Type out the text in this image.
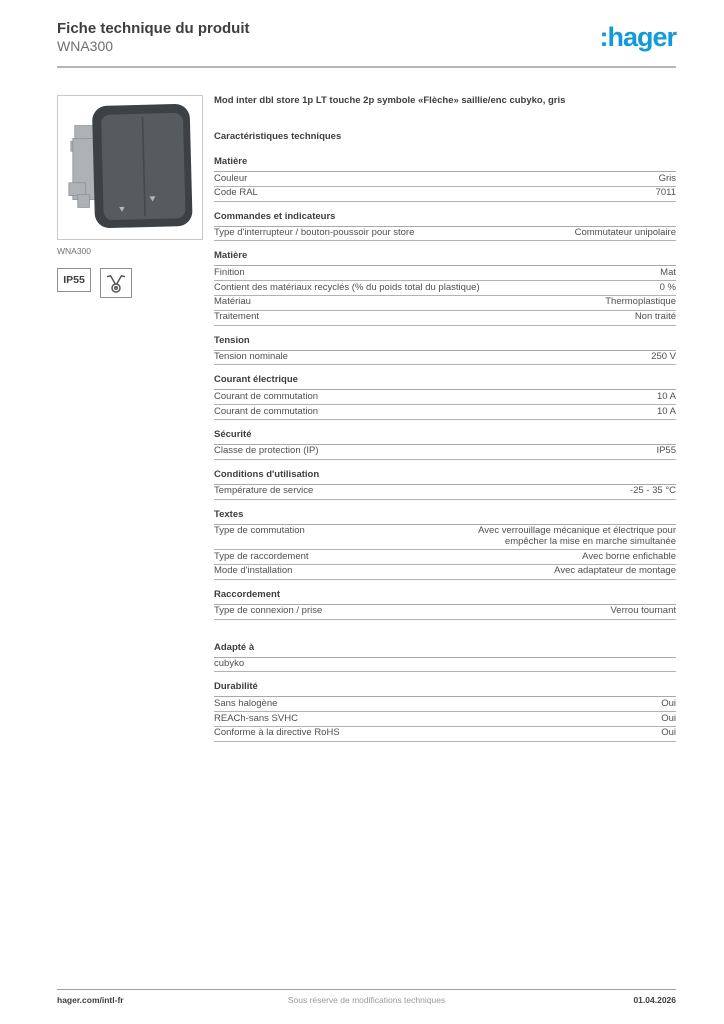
Fiche technique du produit
WNA300	:hager
WNA300
IP55

Mod inter dbl store 1p LT touche 2p symbole «Flèche» saillie/enc cubyko, gris

Caractéristiques techniques
Matière
Couleur	Gris
Code RAL	7011
Commandes et indicateurs
Type d'interrupteur / bouton-poussoir pour store	Commutateur unipolaire
Matière
Finition	Mat
Contient des matériaux recyclés (% du poids total du plastique)	0 %
Matériau	Thermoplastique
Traitement	Non traité
Tension
Tension nominale	250 V
Courant électrique
Courant de commutation	10 A
Courant de commutation	10 A
Sécurité
Classe de protection (IP)	IP55
Conditions d'utilisation
Température de service	-25 - 35 °C
Textes
Type de commutation	Avec verrouillage mécanique et électrique pour empêcher la mise en marche simultanée
Type de raccordement	Avec borne enfichable
Mode d'installation	Avec adaptateur de montage
Raccordement
Type de connexion / prise	Verrou tournant
Adapté à
cubyko
Durabilité
Sans halogène	Oui
REACh-sans SVHC	Oui
Conforme à la directive RoHS	Oui
hager.com/intl-fr	Sous réserve de modifications techniques	01.04.2026
